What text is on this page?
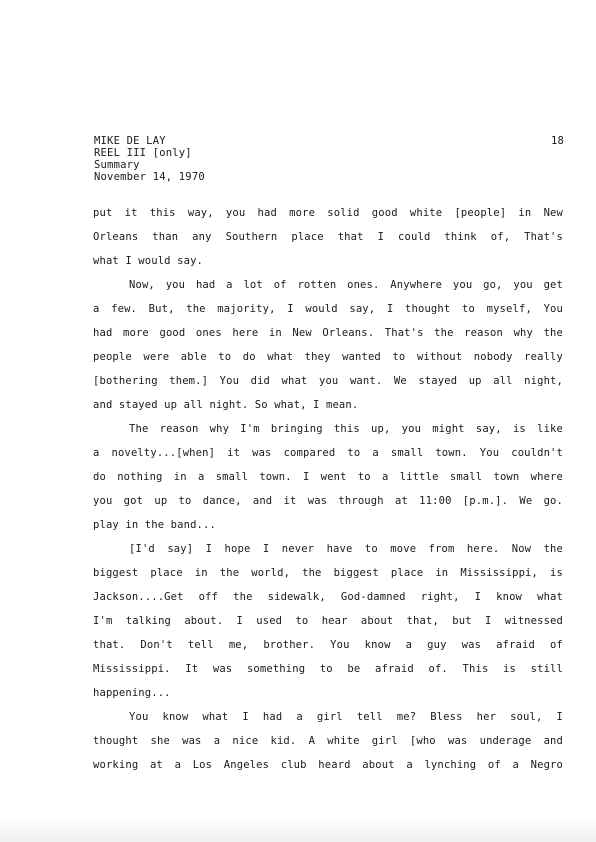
MIKE DE LAY
REEL III [only]
Summary
November 14, 1970
18
put it this way, you had more solid good white [people] in New
Orleans than any Southern place that I could think of, That's
what I would say.
Now, you had a lot of rotten ones. Anywhere you go, you get
a few. But, the majority, I would say, I thought to myself, You
had more good ones here in New Orleans. That's the reason why the
people were able to do what they wanted to without nobody really
[bothering them.] You did what you want. We stayed up all night,
and stayed up all night. So what, I mean.
The reason why I'm bringing this up, you might say, is like
a novelty...[when] it was compared to a small town. You couldn't
do nothing in a small town. I went to a little small town where
you got up to dance, and it was through at 11:00 [p.m.]. We go.
play in the band...
[I'd say] I hope I never have to move from here. Now the
biggest place in the world, the biggest place in Mississippi, is
Jackson....Get off the sidewalk, God-damned right, I know what
I'm talking about. I used to hear about that, but I witnessed
that. Don't tell me, brother. You know a guy was afraid of
Mississippi. It was something to be afraid of. This is still
happening...
You know what I had a girl tell me? Bless her soul, I
thought she was a nice kid. A white girl [who was underage and
working at a Los Angeles club heard about a lynching of a Negro
